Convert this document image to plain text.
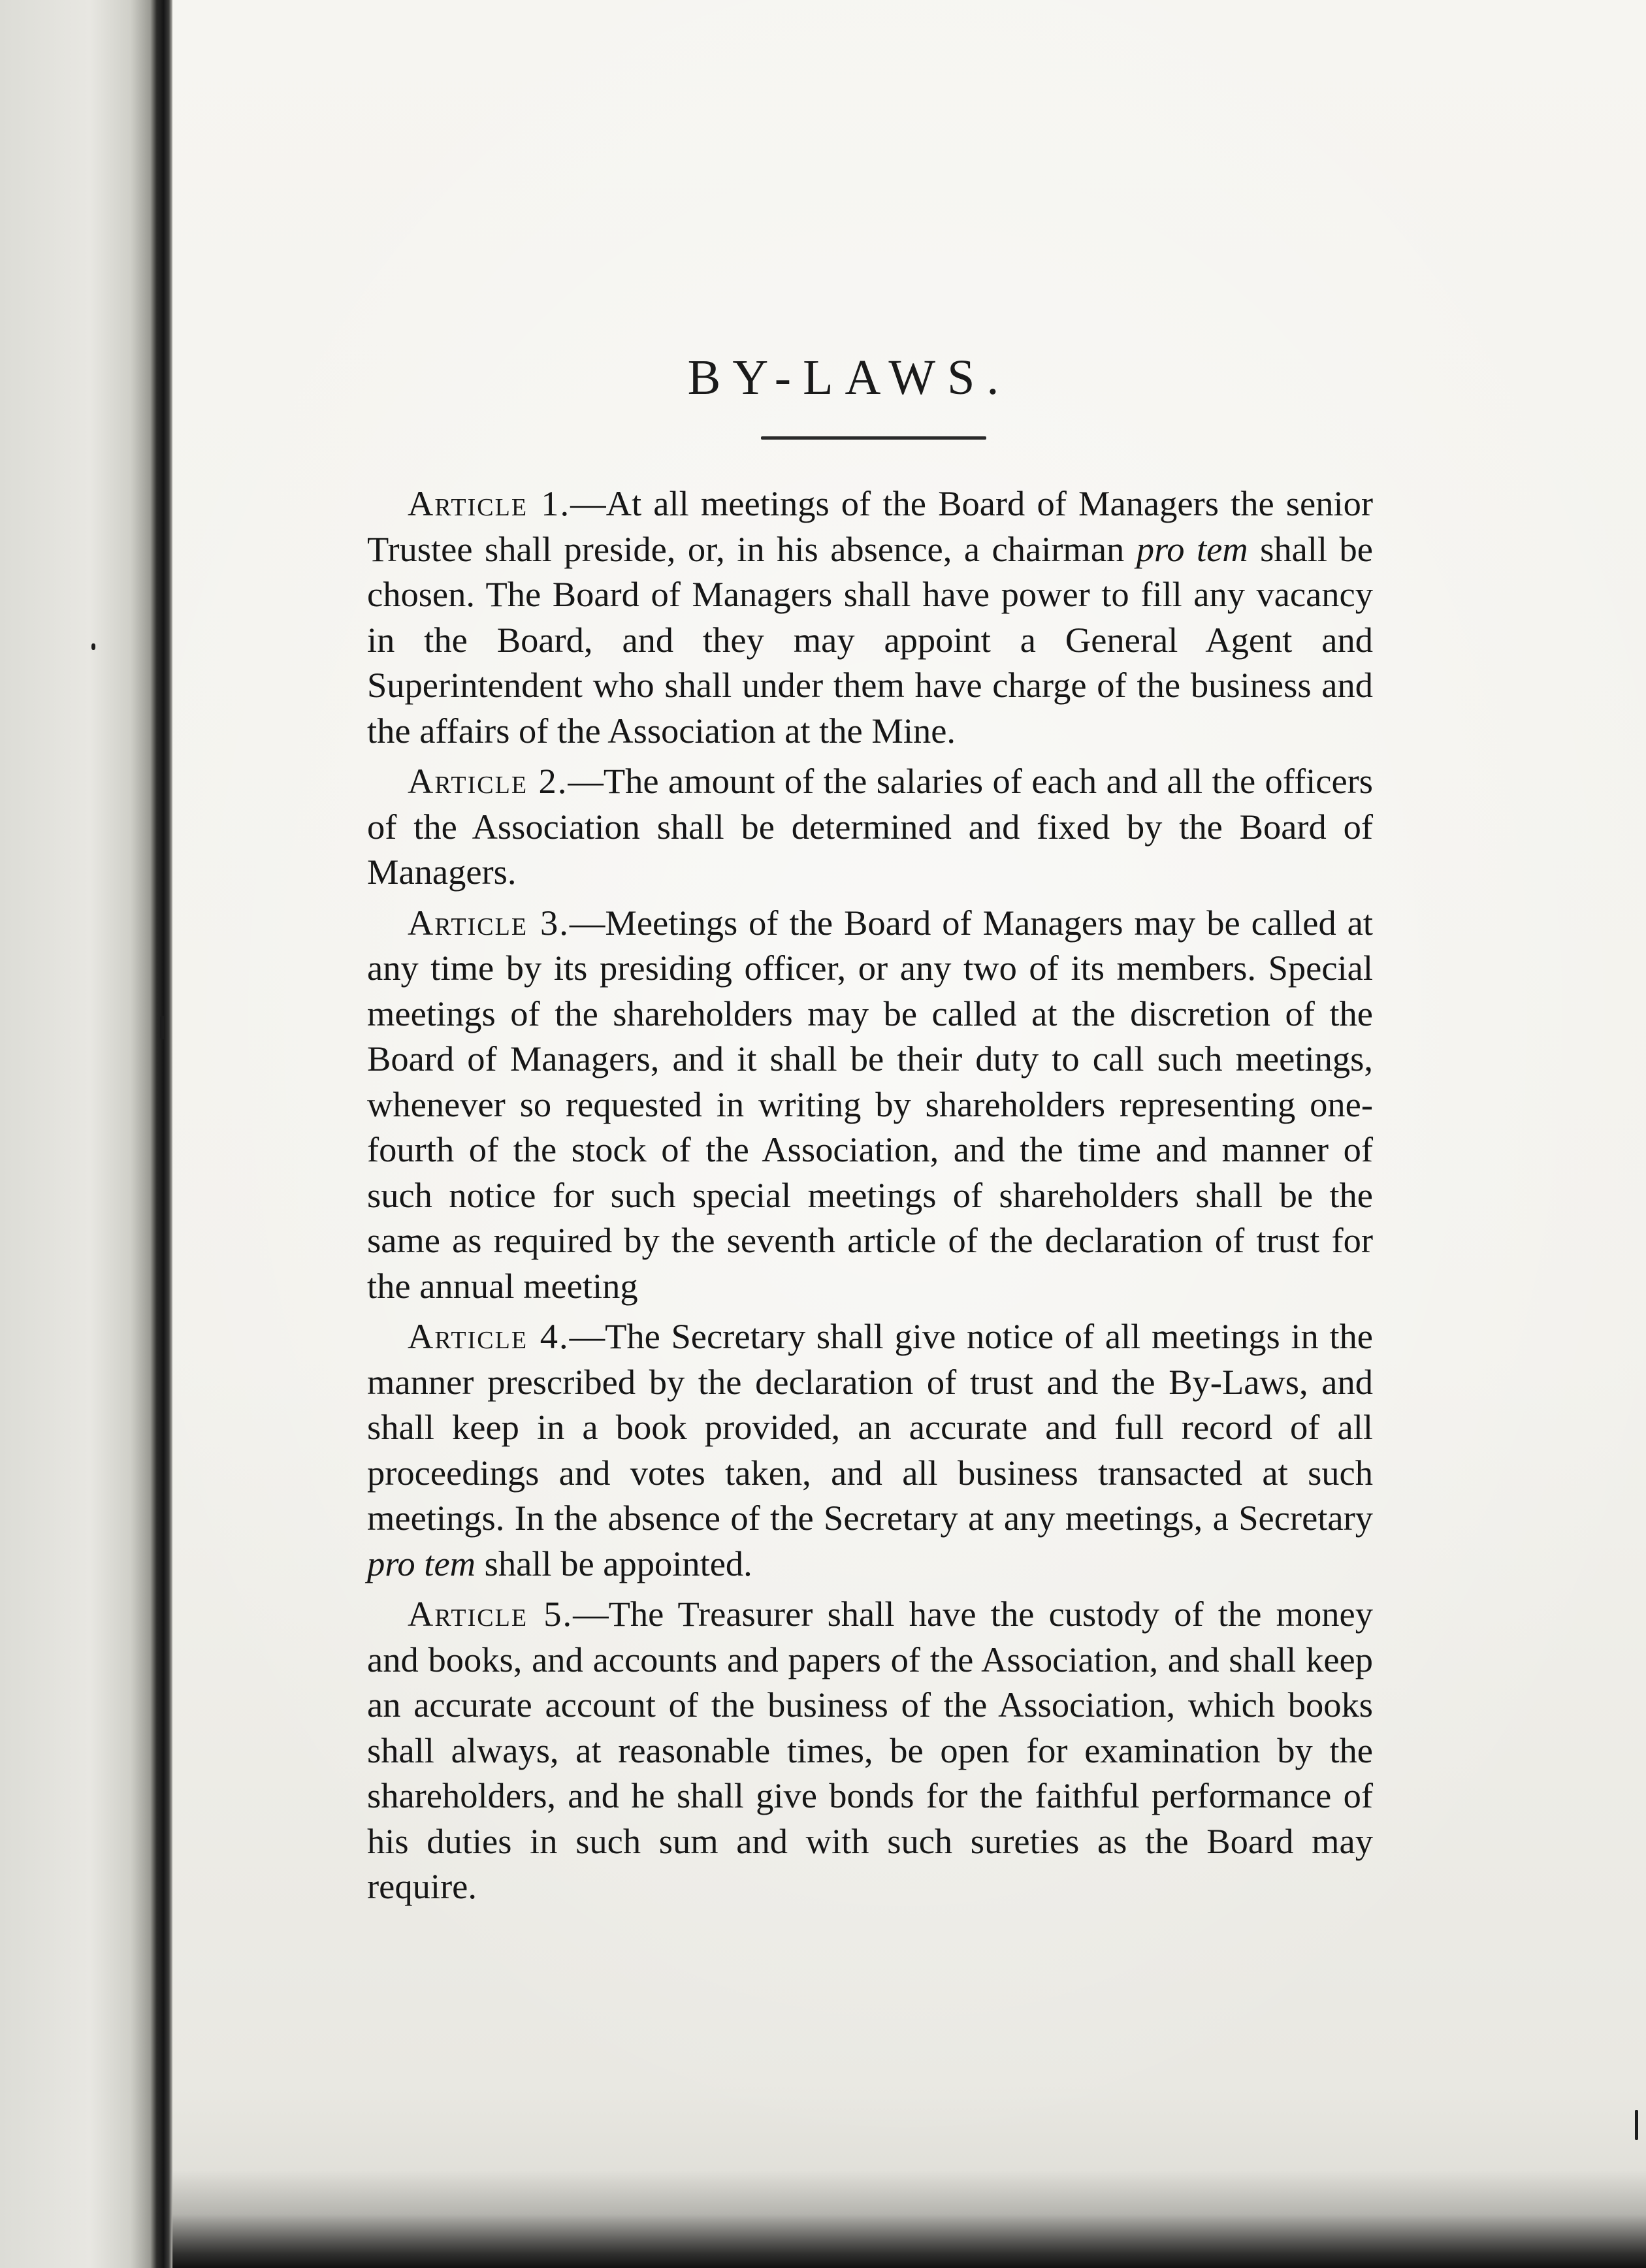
BY-LAWS.

Article 1.—At all meetings of the Board of Managers the senior Trustee shall preside, or, in his absence, a chairman pro tem shall be chosen. The Board of Managers shall have power to fill any vacancy in the Board, and they may appoint a General Agent and Superintendent who shall under them have charge of the business and the affairs of the Association at the Mine.

Article 2.—The amount of the salaries of each and all the officers of the Association shall be determined and fixed by the Board of Managers.

Article 3.—Meetings of the Board of Managers may be called at any time by its presiding officer, or any two of its members. Special meetings of the shareholders may be called at the discretion of the Board of Managers, and it shall be their duty to call such meetings, whenever so requested in writing by shareholders representing one-fourth of the stock of the Association, and the time and manner of such notice for such special meetings of shareholders shall be the same as required by the seventh article of the declaration of trust for the annual meeting

Article 4.—The Secretary shall give notice of all meetings in the manner prescribed by the declaration of trust and the By-Laws, and shall keep in a book provided, an accurate and full record of all proceedings and votes taken, and all business transacted at such meetings. In the absence of the Secretary at any meetings, a Secretary pro tem shall be appointed.

Article 5.—The Treasurer shall have the custody of the money and books, and accounts and papers of the Association, and shall keep an accurate account of the business of the Association, which books shall always, at reasonable times, be open for examination by the shareholders, and he shall give bonds for the faithful performance of his duties in such sum and with such sureties as the Board may require.
